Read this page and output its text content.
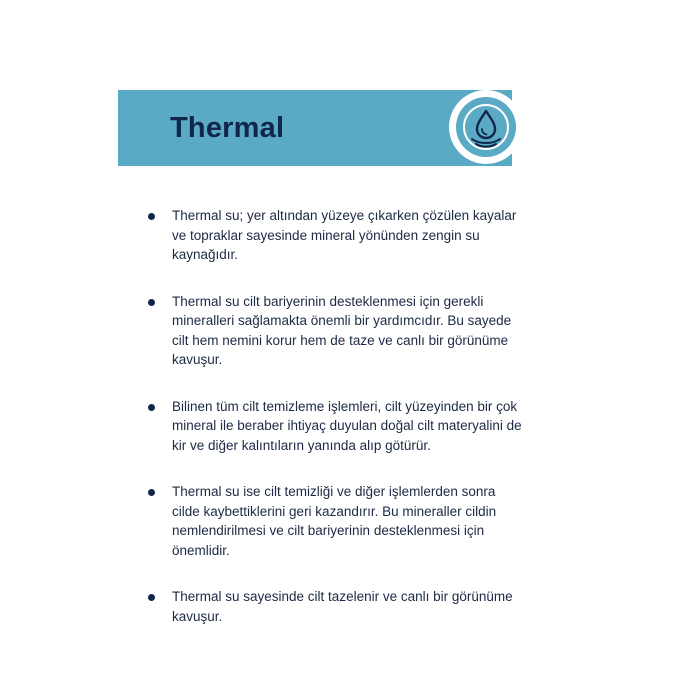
Thermal
Thermal su; yer altından yüzeye çıkarken çözülen kayalar ve topraklar sayesinde mineral yönünden zengin su kaynağıdır.
Thermal su cilt bariyerinin desteklenmesi için gerekli mineralleri sağlamakta önemli bir yardımcıdır. Bu sayede cilt hem nemini korur hem de taze ve canlı bir görünüme kavuşur.
Bilinen tüm cilt temizleme işlemleri, cilt yüzeyinden bir çok mineral ile beraber ihtiyaç duyulan doğal cilt materyalini de kir ve diğer kalıntıların yanında alıp götürür.
Thermal su ise cilt temizliği ve diğer işlemlerden sonra cilde kaybettiklerini geri kazandırır. Bu mineraller cildin nemlendirilmesi ve cilt bariyerinin desteklenmesi için önemlidir.
Thermal su sayesinde cilt tazelenir ve canlı bir görünüme kavuşur.
